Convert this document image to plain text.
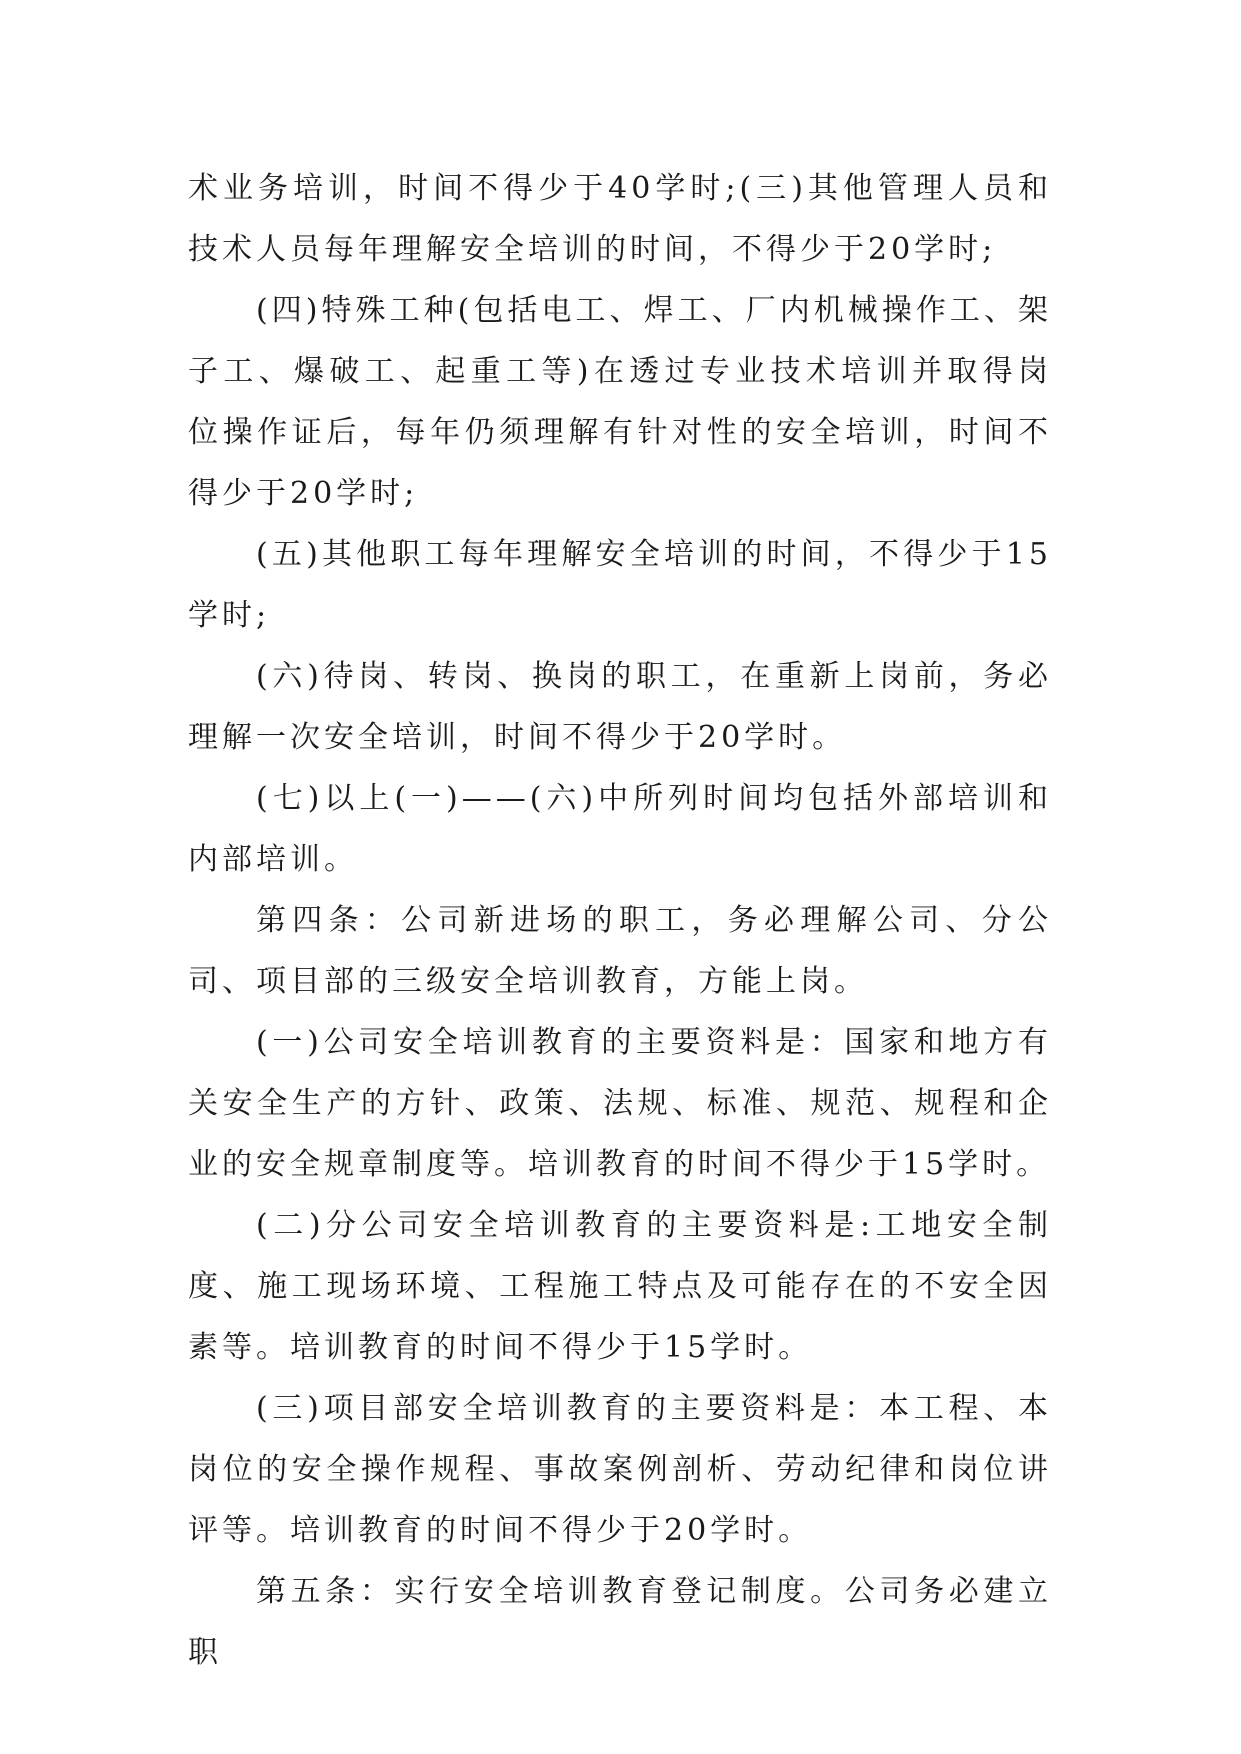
术业务培训，时间不得少于40学时;(三)其他管理人员和技术人员每年理解安全培训的时间，不得少于20学时;

(四)特殊工种(包括电工、焊工、厂内机械操作工、架子工、爆破工、起重工等)在透过专业技术培训并取得岗位操作证后，每年仍须理解有针对性的安全培训，时间不得少于20学时;

(五)其他职工每年理解安全培训的时间，不得少于15学时;

(六)待岗、转岗、换岗的职工，在重新上岗前，务必理解一次安全培训，时间不得少于20学时。

(七)以上(一)——(六)中所列时间均包括外部培训和内部培训。

第四条：公司新进场的职工，务必理解公司、分公司、项目部的三级安全培训教育，方能上岗。

(一)公司安全培训教育的主要资料是：国家和地方有关安全生产的方针、政策、法规、标准、规范、规程和企业的安全规章制度等。培训教育的时间不得少于15学时。

(二)分公司安全培训教育的主要资料是:工地安全制度、施工现场环境、工程施工特点及可能存在的不安全因素等。培训教育的时间不得少于15学时。

(三)项目部安全培训教育的主要资料是：本工程、本岗位的安全操作规程、事故案例剖析、劳动纪律和岗位讲评等。培训教育的时间不得少于20学时。

第五条：实行安全培训教育登记制度。公司务必建立职
